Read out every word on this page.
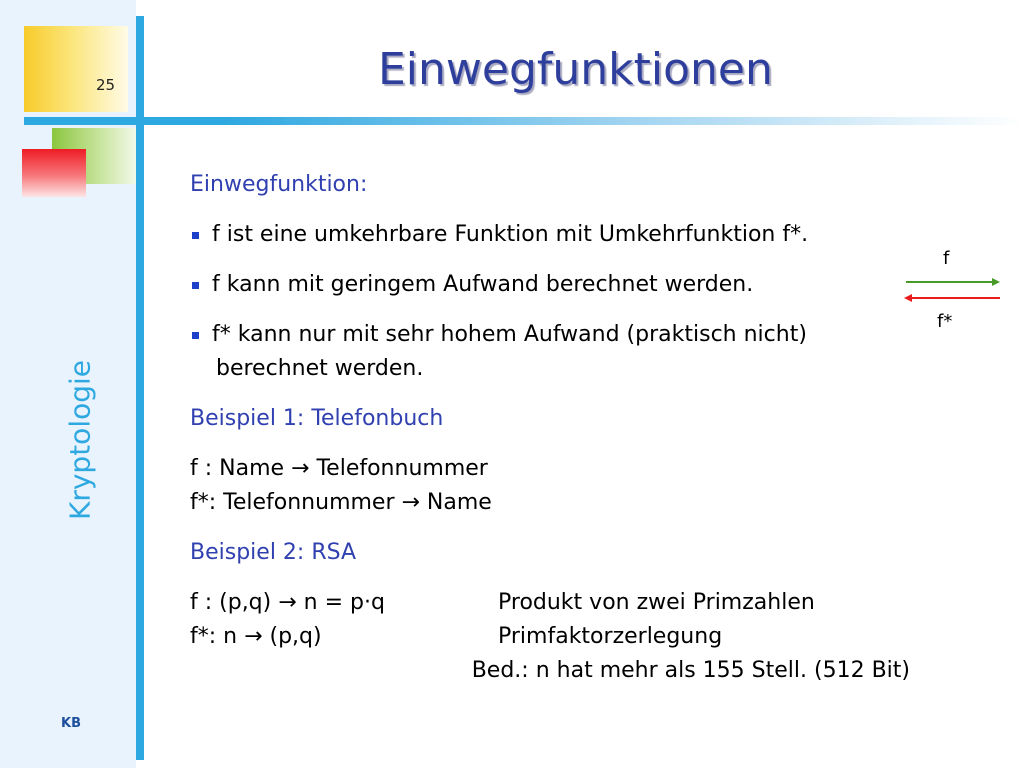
25
Kryptologie
KB
Einwegfunktionen

Einwegfunktion:

f ist eine umkehrbare Funktion mit Umkehrfunktion f*.

f kann mit geringem Aufwand berechnet werden.

f* kann nur mit sehr hohem Aufwand (praktisch nicht)
berechnet werden.

Beispiel 1: Telefonbuch

f : Name → Telefonnummer

f*: Telefonnummer → Name

Beispiel 2: RSA

f : (p,q) → n = p·q	Produkt von zwei Primzahlen
f*: n → (p,q)	Primfaktorzerlegung
Bed.: n hat mehr als 155 Stell. (512 Bit)
f
f*
